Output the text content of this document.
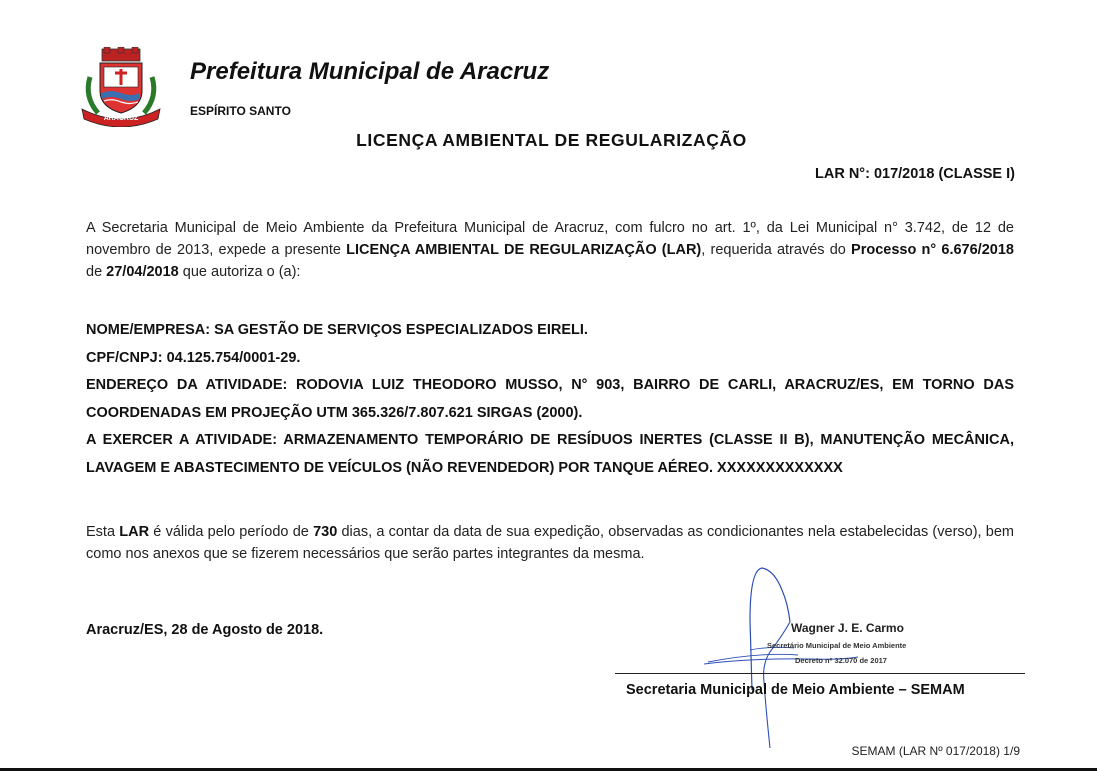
ARACRUZ
Prefeitura Municipal de Aracruz
ESPÍRITO SANTO
LICENÇA AMBIENTAL DE REGULARIZAÇÃO
LAR N°: 017/2018 (CLASSE I)
A Secretaria Municipal de Meio Ambiente da Prefeitura Municipal de Aracruz, com fulcro no art. 1º, da Lei Municipal n° 3.742, de 12 de novembro de 2013, expede a presente LICENÇA AMBIENTAL DE REGULARIZAÇÃO (LAR), requerida através do Processo n° 6.676/2018 de 27/04/2018 que autoriza o (a):
NOME/EMPRESA: SA GESTÃO DE SERVIÇOS ESPECIALIZADOS EIRELI.
CPF/CNPJ: 04.125.754/0001-29.
ENDEREÇO DA ATIVIDADE: RODOVIA LUIZ THEODORO MUSSO, N° 903, BAIRRO DE CARLI, ARACRUZ/ES, EM TORNO DAS COORDENADAS EM PROJEÇÃO UTM 365.326/7.807.621 SIRGAS (2000).
A EXERCER A ATIVIDADE: ARMAZENAMENTO TEMPORÁRIO DE RESÍDUOS INERTES (CLASSE II B), MANUTENÇÃO MECÂNICA, LAVAGEM E ABASTECIMENTO DE VEÍCULOS (NÃO REVENDEDOR) POR TANQUE AÉREO. XXXXXXXXXXXXX
Esta LAR é válida pelo período de 730 dias, a contar da data de sua expedição, observadas as condicionantes nela estabelecidas (verso), bem como nos anexos que se fizerem necessários que serão partes integrantes da mesma.
Aracruz/ES, 28 de Agosto de 2018.	Wagner J. E. Carmo
Secretário Municipal de Meio Ambiente
Decreto nº 32.070 de 2017
Secretaria Municipal de Meio Ambiente – SEMAM
SEMAM (LAR Nº 017/2018) 1/9
